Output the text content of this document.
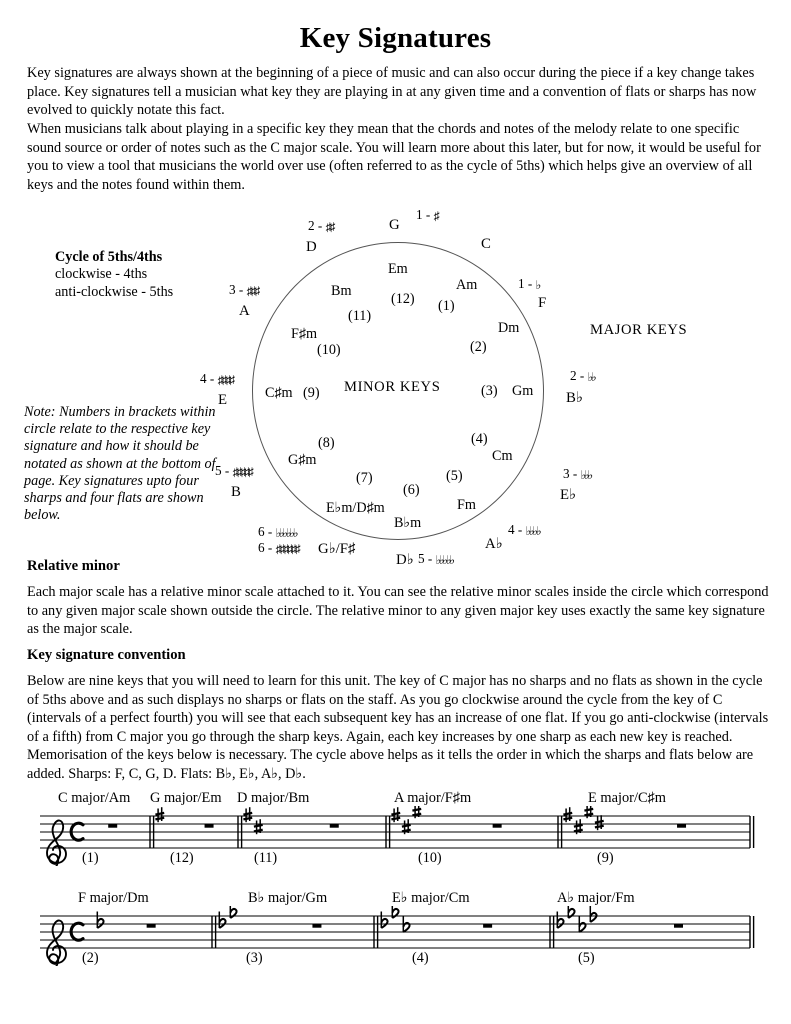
Key Signatures
Key signatures are always shown at the beginning of a piece of music and can also occur during the piece if a key change takes place. Key signatures tell a musician what key they are playing in at any given time and a convention of flats or sharps has now evolved to quickly notate this fact.
When musicians talk about playing in a specific key they mean that the chords and notes of the melody relate to one specific sound source or order of notes such as the C major scale. You will learn more about this later, but for now, it would be useful for you to view a tool that musicians the world over use (often referred to as the cycle of 5ths) which helps give an overview of all keys and the notes found within them.
Cycle of 5ths/4ths
clockwise - 4ths
anti-clockwise - 5ths
Note: Numbers in brackets within circle relate to the respective key signature and how it should be notated as shown at the bottom of page. Key signatures upto four sharps and four flats are shown below.
MINOR KEYS
MAJOR KEYS
C
G
1 - ♯
D
2 - ♯♯
A
3 - ♯♯♯
E
4 - ♯♯♯♯
B
5 - ♯♯♯♯♯
G♭/F♯
6 - ♯♯♯♯♯♯
D♭ 5 - ♭♭♭♭♭
A♭
4 - ♭♭♭♭
E♭
3 - ♭♭♭
B♭
2 - ♭♭
F
1 - ♭
6 - ♭♭♭♭♭♭
Am
(1)
Dm
(2)
Gm
(3)
Cm
(4)
Fm
(5)
B♭m
(6)
E♭m/D♯m
(7)
G♯m
(8)
C♯m (9)
F♯m
(10)
Bm
(11)
Em
(12)
Relative minor
Each major scale has a relative minor scale attached to it. You can see the relative minor scales inside the circle which correspond to any given major scale shown outside the circle. The relative minor to any given major key uses exactly the same key signature as the major scale.
Key signature convention
Below are nine keys that you will need to learn for this unit. The key of C major has no sharps and no flats as shown in the cycle of 5ths above and as such displays no sharps or flats on the staff. As you go clockwise around the cycle from the key of C (intervals of a perfect fourth) you will see that each subsequent key has an increase of one flat. If you go anti-clockwise (intervals of a fifth) from C major you go through the sharp keys. Again, each key increases by one sharp as each new key is reached. Memorisation of the keys below is necessary. The cycle above helps as it tells the order in which the sharps and flats below are added. Sharps: F, C, G, D. Flats: B♭, E♭, A♭, D♭.
C major/Am
(1)
G major/Em
(12)
D major/Bm
(11)
A major/F♯m
(10)
E major/C♯m
(9)
F major/Dm
(2)
B♭ major/Gm
(3)
E♭ major/Cm
(4)
A♭ major/Fm
(5)
